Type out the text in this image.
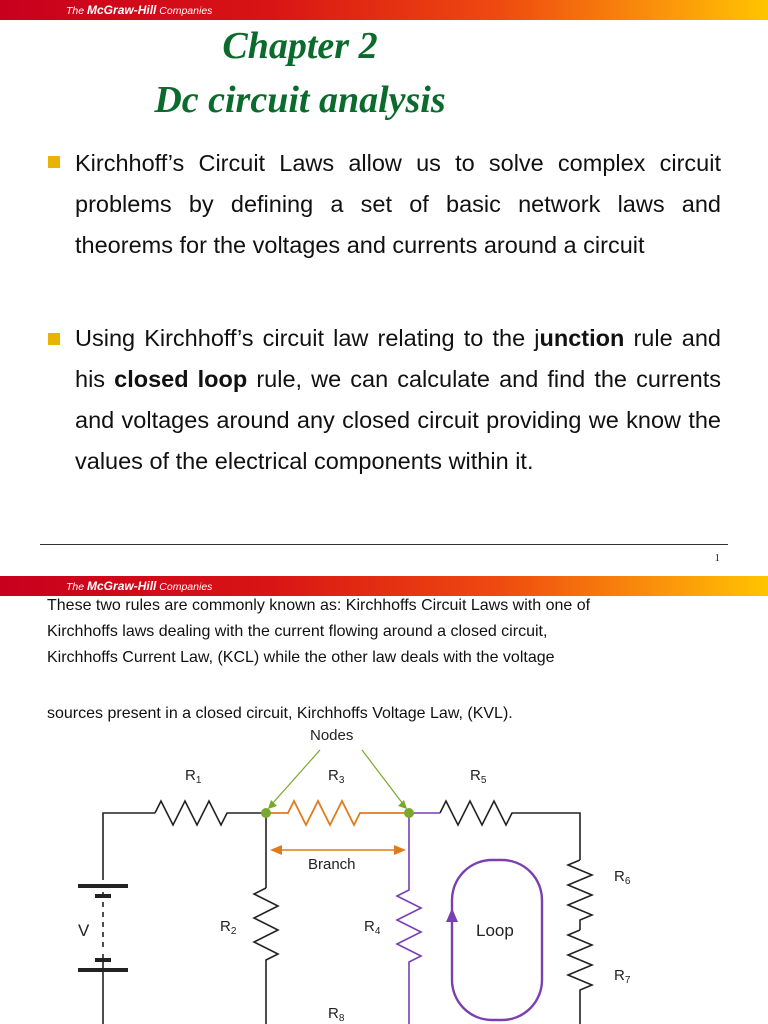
The McGraw-Hill Companies
Chapter 2
Dc circuit analysis
Kirchhoff’s Circuit Laws allow us to solve complex circuit problems by defining a set of basic network laws and theorems for the voltages and currents around a circuit
Using Kirchhoff’s circuit law relating to the junction rule and his closed loop rule, we can calculate and find the currents and voltages around any closed circuit providing we know the values of the electrical components within it.
1
The McGraw-Hill Companies
These two rules are commonly known as: Kirchhoffs Circuit Laws with one of
Kirchhoffs laws dealing with the current flowing around a closed circuit,
Kirchhoffs Current Law, (KCL) while the other law deals with the voltage
sources present in a closed circuit, Kirchhoffs Voltage Law, (KVL).
Nodes
Branch
Loop
V
$R_1$
$R_2$
$R_3$
$R_4$
$R_5$
$R_6$
$R_7$
$R_8$
